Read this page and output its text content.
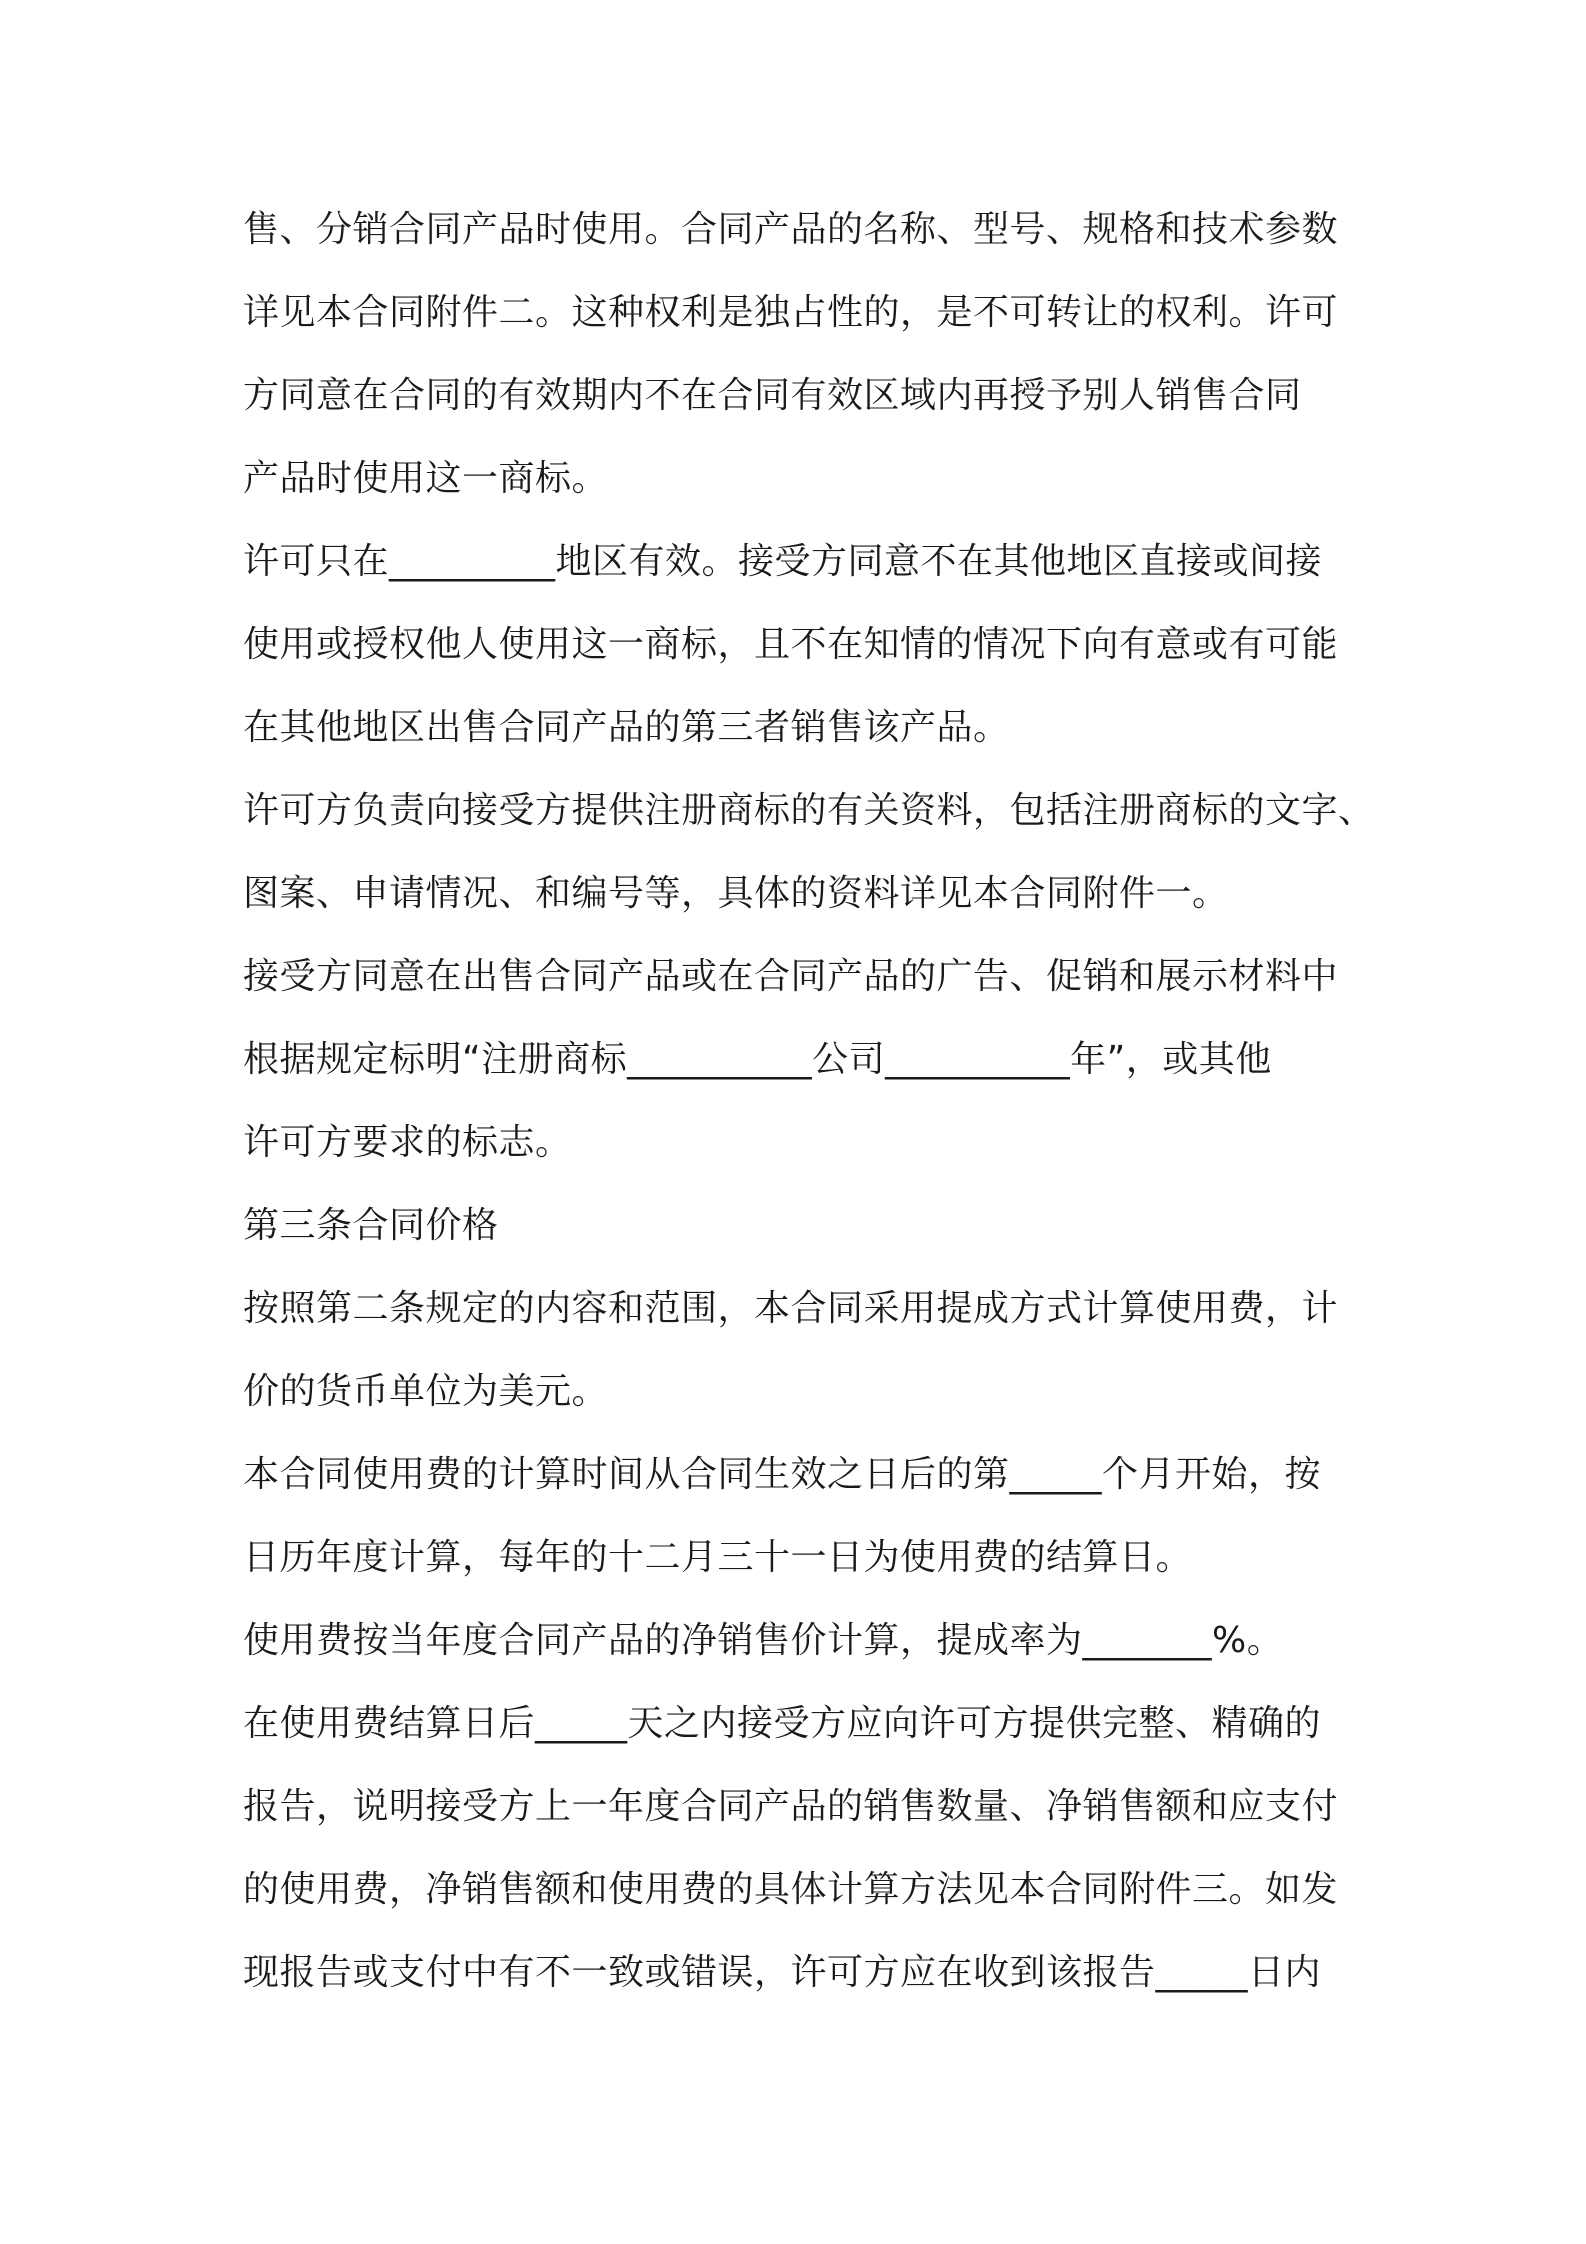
售、分销合同产品时使用。合同产品的名称、型号、规格和技术参数

详见本合同附件二。这种权利是独占性的，是不可转让的权利。许可

方同意在合同的有效期内不在合同有效区域内再授予别人销售合同

产品时使用这一商标。

许可只在_________地区有效。接受方同意不在其他地区直接或间接

使用或授权他人使用这一商标，且不在知情的情况下向有意或有可能

在其他地区出售合同产品的第三者销售该产品。

许可方负责向接受方提供注册商标的有关资料，包括注册商标的文字、

图案、申请情况、和编号等，具体的资料详见本合同附件一。

接受方同意在出售合同产品或在合同产品的广告、促销和展示材料中

根据规定标明“注册商标__________公司__________年”，或其他

许可方要求的标志。

第三条合同价格

按照第二条规定的内容和范围，本合同采用提成方式计算使用费，计

价的货币单位为美元。

本合同使用费的计算时间从合同生效之日后的第_____个月开始，按

日历年度计算，每年的十二月三十一日为使用费的结算日。

使用费按当年度合同产品的净销售价计算，提成率为_______%。

在使用费结算日后_____天之内接受方应向许可方提供完整、精确的

报告，说明接受方上一年度合同产品的销售数量、净销售额和应支付

的使用费，净销售额和使用费的具体计算方法见本合同附件三。如发

现报告或支付中有不一致或错误，许可方应在收到该报告_____日内
